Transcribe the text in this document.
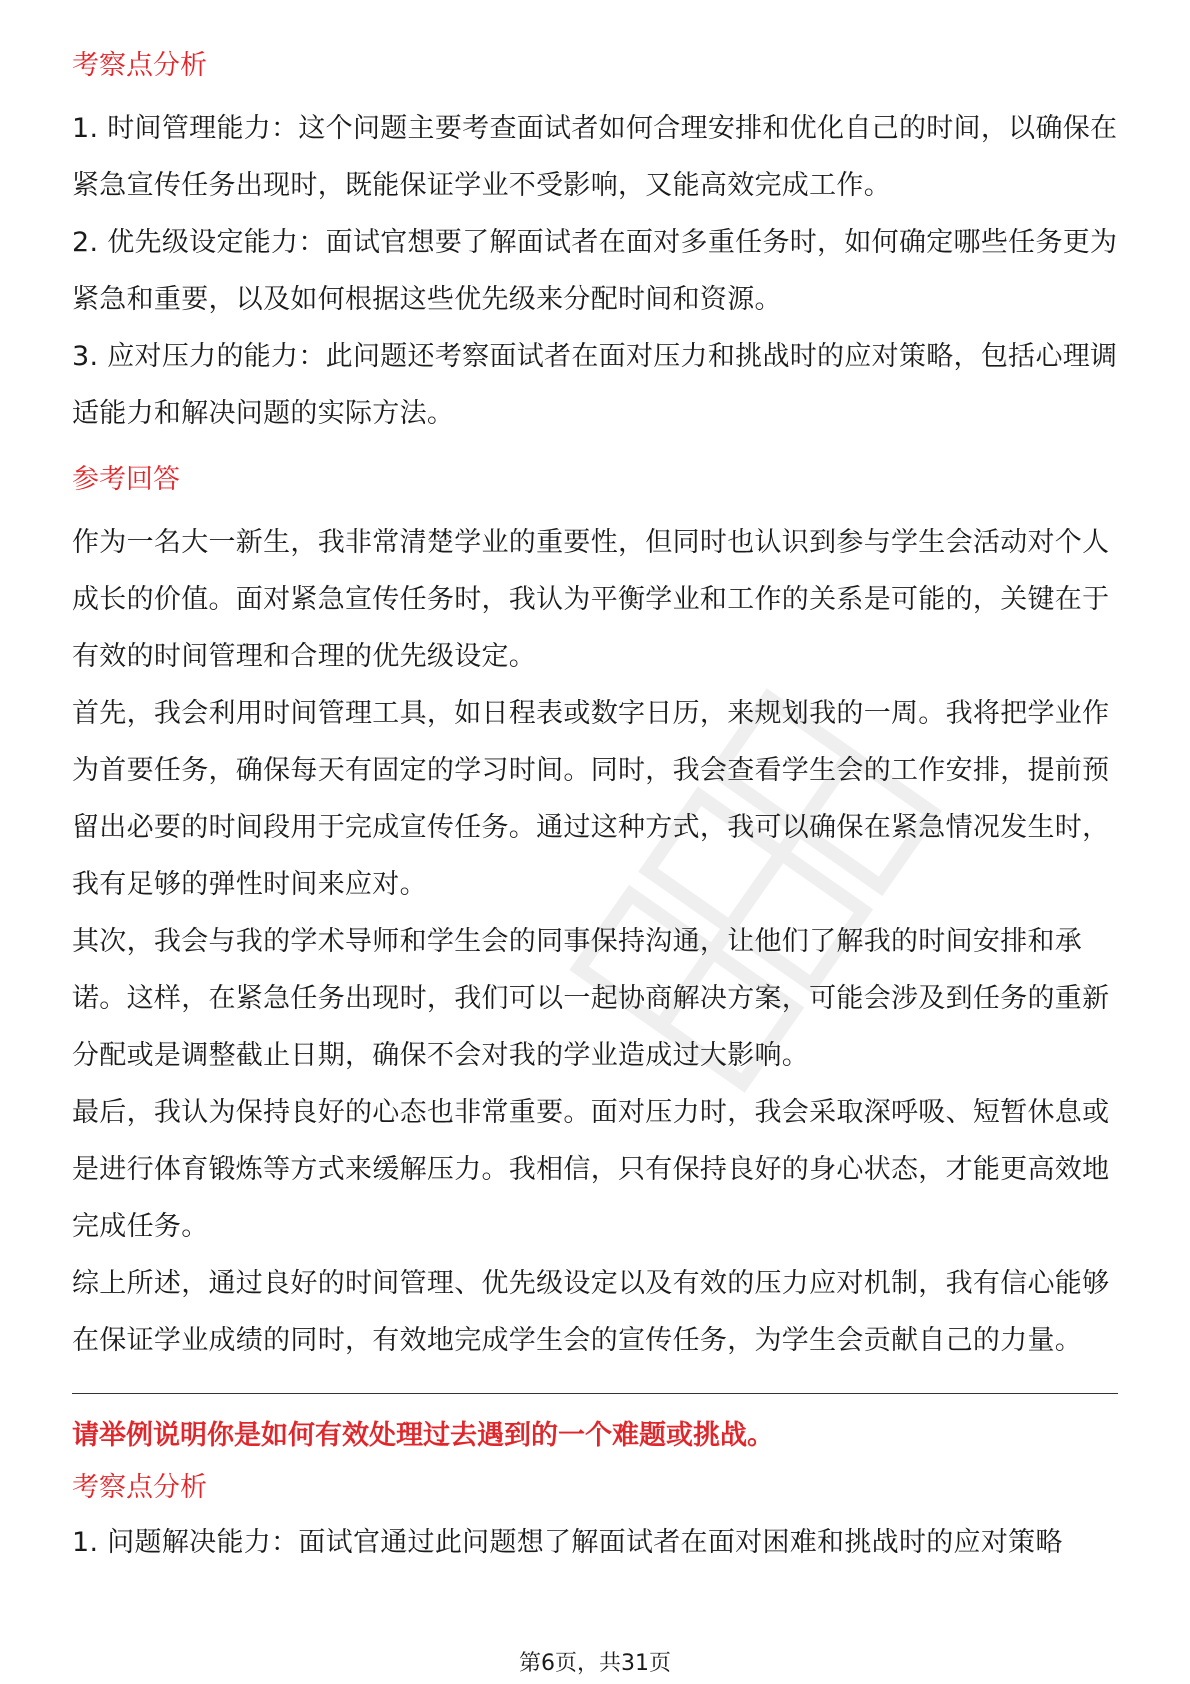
考察点分析

1. 时间管理能力：这个问题主要考查面试者如何合理安排和优化自己的时间，以确保在紧急宣传任务出现时，既能保证学业不受影响，又能高效完成工作。

2. 优先级设定能力：面试官想要了解面试者在面对多重任务时，如何确定哪些任务更为紧急和重要，以及如何根据这些优先级来分配时间和资源。

3. 应对压力的能力：此问题还考察面试者在面对压力和挑战时的应对策略，包括心理调适能力和解决问题的实际方法。

参考回答

作为一名大一新生，我非常清楚学业的重要性，但同时也认识到参与学生会活动对个人成长的价值。面对紧急宣传任务时，我认为平衡学业和工作的关系是可能的，关键在于有效的时间管理和合理的优先级设定。

首先，我会利用时间管理工具，如日程表或数字日历，来规划我的一周。我将把学业作为首要任务，确保每天有固定的学习时间。同时，我会查看学生会的工作安排，提前预留出必要的时间段用于完成宣传任务。通过这种方式，我可以确保在紧急情况发生时，我有足够的弹性时间来应对。

其次，我会与我的学术导师和学生会的同事保持沟通，让他们了解我的时间安排和承诺。这样，在紧急任务出现时，我们可以一起协商解决方案，可能会涉及到任务的重新分配或是调整截止日期，确保不会对我的学业造成过大影响。

最后，我认为保持良好的心态也非常重要。面对压力时，我会采取深呼吸、短暂休息或是进行体育锻炼等方式来缓解压力。我相信，只有保持良好的身心状态，才能更高效地完成任务。

综上所述，通过良好的时间管理、优先级设定以及有效的压力应对机制，我有信心能够在保证学业成绩的同时，有效地完成学生会的宣传任务，为学生会贡献自己的力量。

请举例说明你是如何有效处理过去遇到的一个难题或挑战。

考察点分析

1. 问题解决能力：面试官通过此问题想了解面试者在面对困难和挑战时的应对策略

第6页，共31页
